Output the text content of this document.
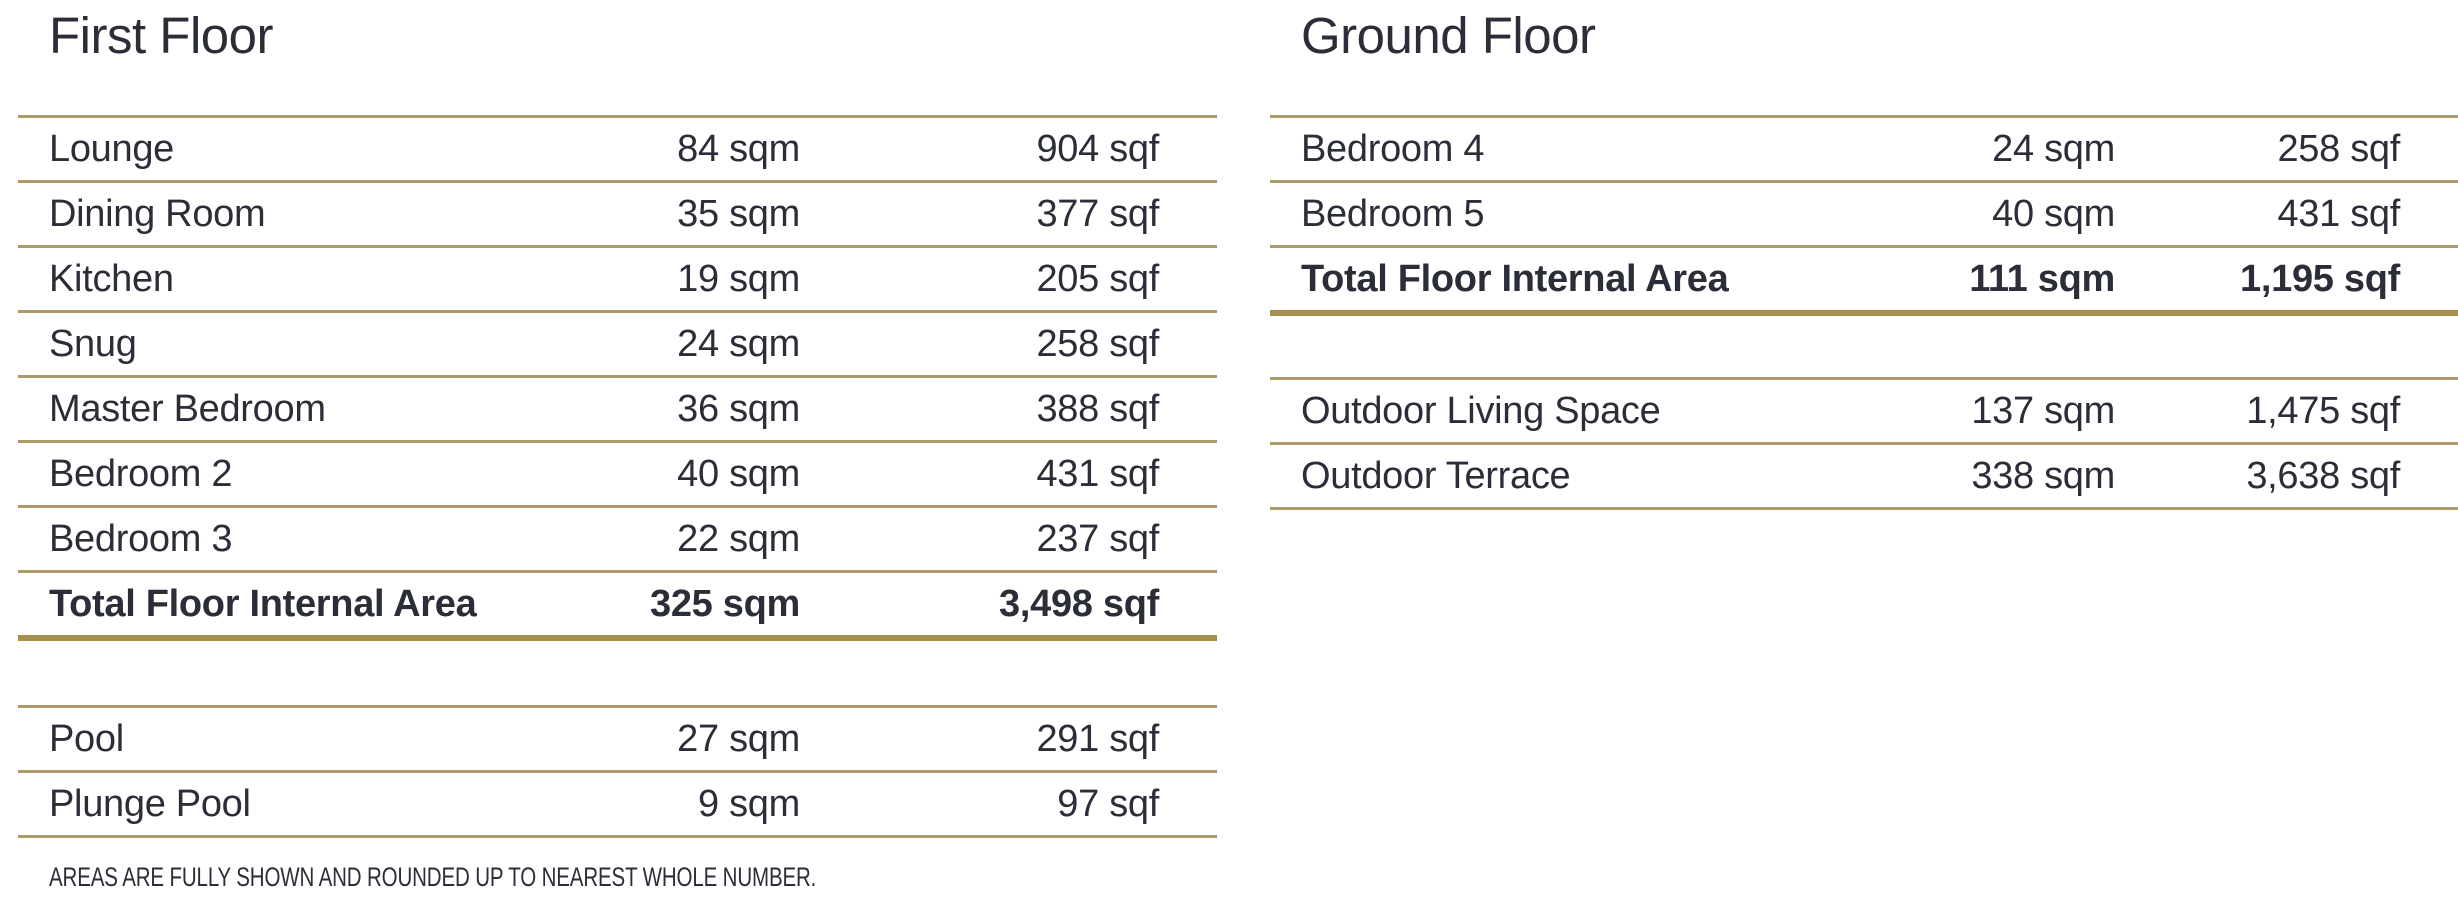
First Floor
Lounge	84 sqm	904 sqf
Dining Room	35 sqm	377 sqf
Kitchen	19 sqm	205 sqf
Snug	24 sqm	258 sqf
Master Bedroom	36 sqm	388 sqf
Bedroom 2	40 sqm	431 sqf
Bedroom 3	22 sqm	237 sqf
Total Floor Internal Area	325 sqm	3,498 sqf
Pool	27 sqm	291 sqf
Plunge Pool	9 sqm	97 sqf

AREAS ARE FULLY SHOWN AND ROUNDED UP TO NEAREST WHOLE NUMBER.

Ground Floor
Bedroom 4	24 sqm	258 sqf
Bedroom 5	40 sqm	431 sqf
Total Floor Internal Area	111 sqm	1,195 sqf
Outdoor Living Space	137 sqm	1,475 sqf
Outdoor Terrace	338 sqm	3,638 sqf
